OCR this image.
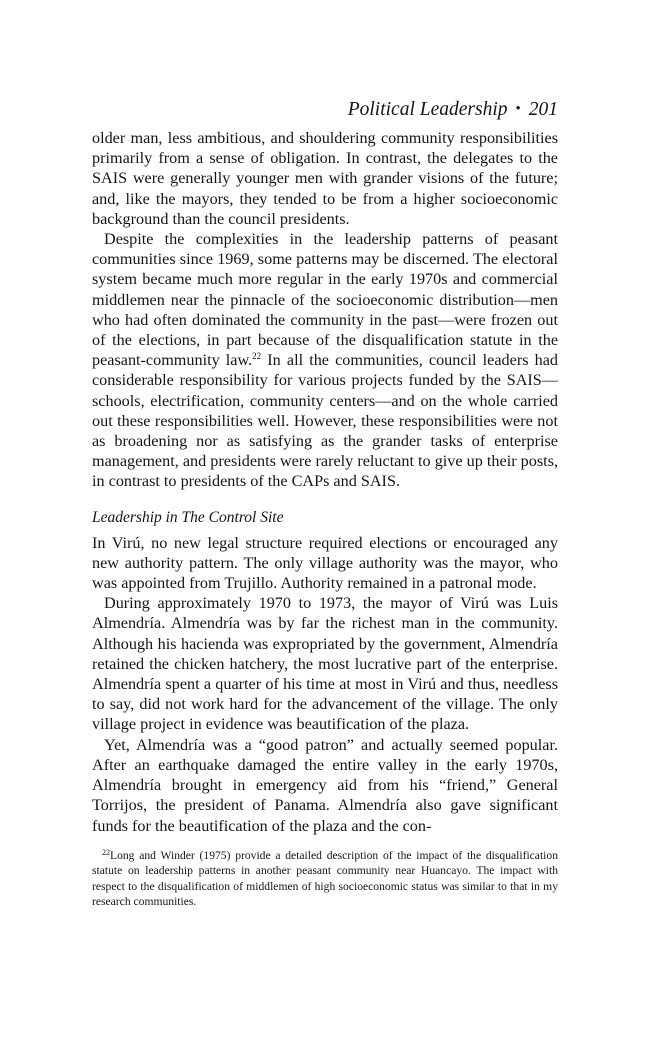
Political Leadership • 201

older man, less ambitious, and shouldering community responsibilities primarily from a sense of obligation. In contrast, the delegates to the SAIS were generally younger men with grander visions of the future; and, like the mayors, they tended to be from a higher socioeconomic background than the council presidents.

Despite the complexities in the leadership patterns of peasant communities since 1969, some patterns may be discerned. The electoral system became much more regular in the early 1970s and commercial middlemen near the pinnacle of the socioeconomic distribution—men who had often dominated the community in the past—were frozen out of the elections, in part because of the disqualification statute in the peasant-community law.$^{22}$ In all the communities, council leaders had considerable responsibility for various projects funded by the SAIS—schools, electrification, community centers—and on the whole carried out these responsibilities well. However, these responsibilities were not as broadening nor as satisfying as the grander tasks of enterprise management, and presidents were rarely reluctant to give up their posts, in contrast to presidents of the CAPs and SAIS.

Leadership in The Control Site

In Virú, no new legal structure required elections or encouraged any new authority pattern. The only village authority was the mayor, who was appointed from Trujillo. Authority remained in a patronal mode.

During approximately 1970 to 1973, the mayor of Virú was Luis Almendría. Almendría was by far the richest man in the community. Although his hacienda was expropriated by the government, Almendría retained the chicken hatchery, the most lucrative part of the enterprise. Almendría spent a quarter of his time at most in Virú and thus, needless to say, did not work hard for the advancement of the village. The only village project in evidence was beautification of the plaza.

Yet, Almendría was a “good patron” and actually seemed popular. After an earthquake damaged the entire valley in the early 1970s, Almendría brought in emergency aid from his “friend,” General Torrijos, the president of Panama. Almendría also gave significant funds for the beautification of the plaza and the con-

$^{22}$Long and Winder (1975) provide a detailed description of the impact of the disqualification statute on leadership patterns in another peasant community near Huancayo. The impact with respect to the disqualification of middlemen of high socioeconomic status was similar to that in my research communities.
